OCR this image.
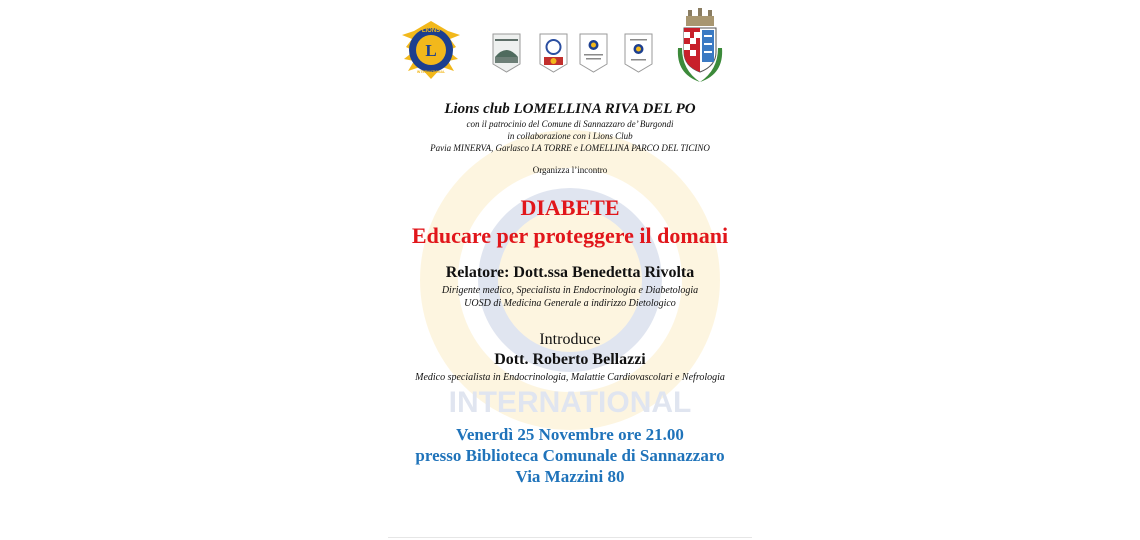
INTERNATIONAL
L
LIONS
INTERNATIONAL
Lions club LOMELLINA RIVA DEL PO
con il patrocinio del Comune di Sannazzaro de’ Burgondi
in collaborazione con i Lions Club
Pavia MINERVA, Garlasco LA TORRE e LOMELLINA PARCO DEL TICINO
Organizza l’incontro
DIABETE
Educare per proteggere il domani
Relatore: Dott.ssa Benedetta Rivolta
Dirigente medico, Specialista in Endocrinologia e Diabetologia
UOSD di Medicina Generale a indirizzo Dietologico
Introduce
Dott. Roberto Bellazzi
Medico specialista in Endocrinologia, Malattie Cardiovascolari e Nefrologia
Venerdì 25 Novembre ore 21.00
presso Biblioteca Comunale di Sannazzaro
Via Mazzini 80
